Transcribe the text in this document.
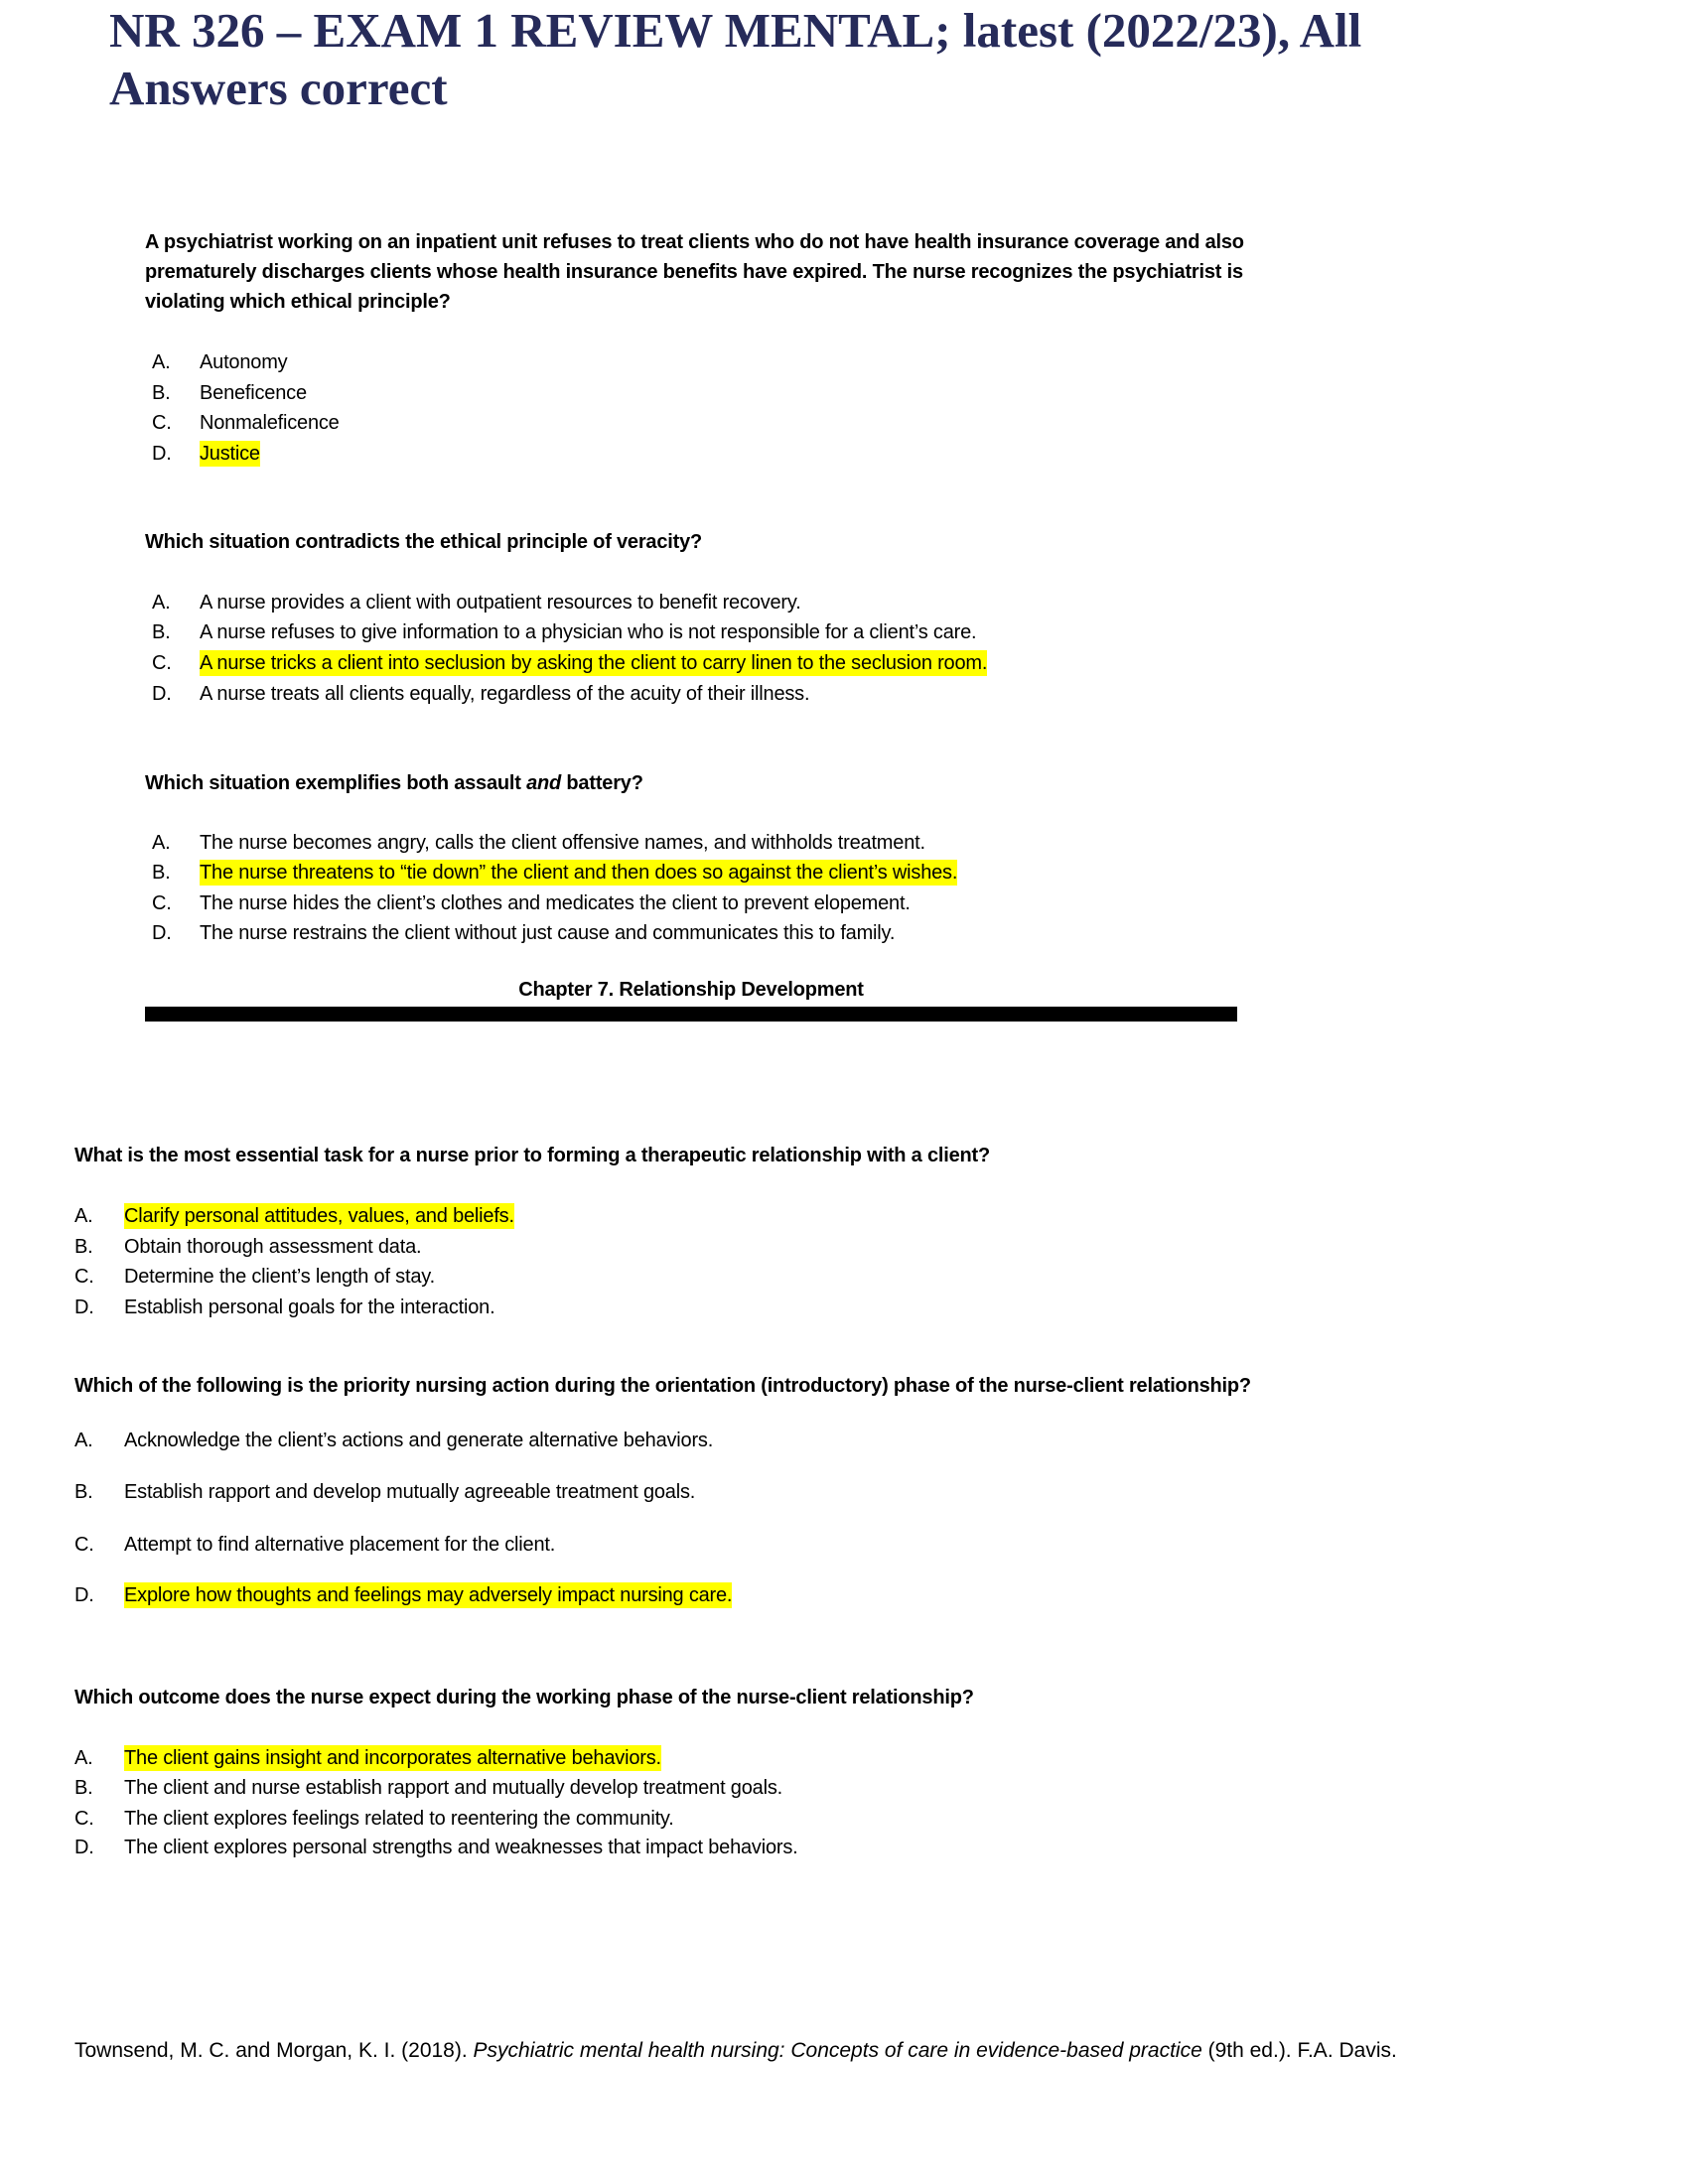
NR 326 – EXAM 1 REVIEW MENTAL; latest (2022/23), All Answers correct

A psychiatrist working on an inpatient unit refuses to treat clients who do not have health insurance coverage and also prematurely discharges clients whose health insurance benefits have expired. The nurse recognizes the psychiatrist is violating which ethical principle?

A. Autonomy
B. Beneficence
C. Nonmaleficence
D. Justice

Which situation contradicts the ethical principle of veracity?

A. A nurse provides a client with outpatient resources to benefit recovery.
B. A nurse refuses to give information to a physician who is not responsible for a client’s care.
C. A nurse tricks a client into seclusion by asking the client to carry linen to the seclusion room.
D. A nurse treats all clients equally, regardless of the acuity of their illness.

Which situation exemplifies both assault and battery?

A. The nurse becomes angry, calls the client offensive names, and withholds treatment.
B. The nurse threatens to “tie down” the client and then does so against the client’s wishes.
C. The nurse hides the client’s clothes and medicates the client to prevent elopement.
D. The nurse restrains the client without just cause and communicates this to family.

What is the most essential task for a nurse prior to forming a therapeutic relationship with a client?

A. Clarify personal attitudes, values, and beliefs.
B. Obtain thorough assessment data.
C. Determine the client’s length of stay.
D. Establish personal goals for the interaction.

Which of the following is the priority nursing action during the orientation (introductory) phase of the nurse-client relationship?

A. Acknowledge the client’s actions and generate alternative behaviors.
B. Establish rapport and develop mutually agreeable treatment goals.
C. Attempt to find alternative placement for the client.
D. Explore how thoughts and feelings may adversely impact nursing care.

Which outcome does the nurse expect during the working phase of the nurse-client relationship?

A. The client gains insight and incorporates alternative behaviors.
B. The client and nurse establish rapport and mutually develop treatment goals.
C. The client explores feelings related to reentering the community.
D. The client explores personal strengths and weaknesses that impact behaviors.
Chapter 7. Relationship Development
Townsend, M. C. and Morgan, K. I. (2018). Psychiatric mental health nursing: Concepts of care in evidence-based practice (9th ed.). F.A. Davis.
